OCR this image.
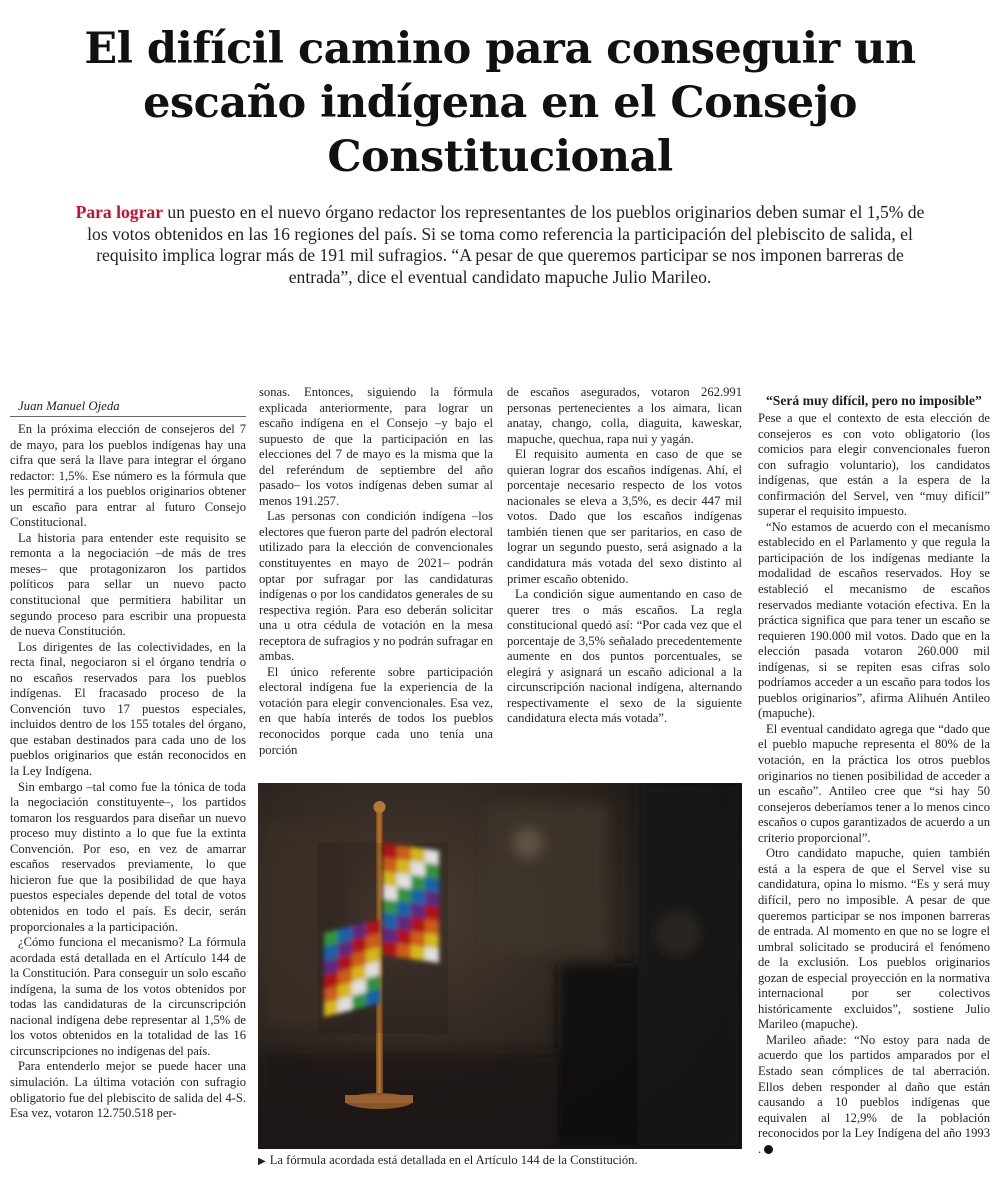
El difícil camino para conseguir un escaño indígena en el Consejo Constitucional

Para lograr un puesto en el nuevo órgano redactor los representantes de los pueblos originarios deben sumar el 1,5% de los votos obtenidos en las 16 regiones del país. Si se toma como referencia la participación del plebiscito de salida, el requisito implica lograr más de 191 mil sufragios. “A pesar de que queremos participar se nos imponen barreras de entrada”, dice el eventual candidato mapuche Julio Marileo.

Juan Manuel Ojeda

En la próxima elección de consejeros del 7 de mayo, para los pueblos indígenas hay una cifra que será la llave para integrar el órgano redactor: 1,5%. Ese número es la fórmula que les permitirá a los pueblos originarios obtener un escaño para entrar al futuro Consejo Constitucional.

La historia para entender este requisito se remonta a la negociación –de más de tres meses– que protagonizaron los partidos políticos para sellar un nuevo pacto constitucional que permitiera habilitar un segundo proceso para escribir una propuesta de nueva Constitución.

Los dirigentes de las colectividades, en la recta final, negociaron si el órgano tendría o no escaños reservados para los pueblos indígenas. El fracasado proceso de la Convención tuvo 17 puestos especiales, incluidos dentro de los 155 totales del órgano, que estaban destinados para cada uno de los pueblos originarios que están reconocidos en la Ley Indígena.

Sin embargo –tal como fue la tónica de toda la negociación constituyente–, los partidos tomaron los resguardos para diseñar un nuevo proceso muy distinto a lo que fue la extinta Convención. Por eso, en vez de amarrar escaños reservados previamente, lo que hicieron fue que la posibilidad de que haya puestos especiales depende del total de votos obtenidos en todo el país. Es decir, serán proporcionales a la participación.

¿Cómo funciona el mecanismo? La fórmula acordada está detallada en el Artículo 144 de la Constitución. Para conseguir un solo escaño indígena, la suma de los votos obtenidos por todas las candidaturas de la circunscripción nacional indígena debe representar al 1,5% de los votos obtenidos en la totalidad de las 16 circunscripciones no indígenas del país.

Para entenderlo mejor se puede hacer una simulación. La última votación con sufragio obligatorio fue del plebiscito de salida del 4-S. Esa vez, votaron 12.750.518 per-

sonas. Entonces, siguiendo la fórmula explicada anteriormente, para lograr un escaño indígena en el Consejo –y bajo el supuesto de que la participación en las elecciones del 7 de mayo es la misma que la del referéndum de septiembre del año pasado– los votos indígenas deben sumar al menos 191.257.

Las personas con condición indígena –los electores que fueron parte del padrón electoral utilizado para la elección de convencionales constituyentes en mayo de 2021– podrán optar por sufragar por las candidaturas indígenas o por los candidatos generales de su respectiva región. Para eso deberán solicitar una u otra cédula de votación en la mesa receptora de sufragios y no podrán sufragar en ambas.

El único referente sobre participación electoral indígena fue la experiencia de la votación para elegir convencionales. Esa vez, en que había interés de todos los pueblos reconocidos porque cada uno tenía una porción

de escaños asegurados, votaron 262.991 personas pertenecientes a los aimara, lican anatay, chango, colla, diaguita, kaweskar, mapuche, quechua, rapa nui y yagán.

El requisito aumenta en caso de que se quieran lograr dos escaños indígenas. Ahí, el porcentaje necesario respecto de los votos nacionales se eleva a 3,5%, es decir 447 mil votos. Dado que los escaños indígenas también tienen que ser paritarios, en caso de lograr un segundo puesto, será asignado a la candidatura más votada del sexo distinto al primer escaño obtenido.

La condición sigue aumentando en caso de querer tres o más escaños. La regla constitucional quedó así: “Por cada vez que el porcentaje de 3,5% señalado precedentemente aumente en dos puntos porcentuales, se elegirá y asignará un escaño adicional a la circunscripción nacional indígena, alternando respectivamente el sexo de la siguiente candidatura electa más votada”.

“Será muy difícil, pero no imposible”

Pese a que el contexto de esta elección de consejeros es con voto obligatorio (los comicios para elegir convencionales fueron con sufragio voluntario), los candidatos indígenas, que están a la espera de la confirmación del Servel, ven “muy difícil” superar el requisito impuesto.

“No estamos de acuerdo con el mecanismo establecido en el Parlamento y que regula la participación de los indígenas mediante la modalidad de escaños reservados. Hoy se estableció el mecanismo de escaños reservados mediante votación efectiva. En la práctica significa que para tener un escaño se requieren 190.000 mil votos. Dado que en la elección pasada votaron 260.000 mil indígenas, si se repiten esas cifras solo podríamos acceder a un escaño para todos los pueblos originarios”, afirma Alihuén Antileo (mapuche).

El eventual candidato agrega que “dado que el pueblo mapuche representa el 80% de la votación, en la práctica los otros pueblos originarios no tienen posibilidad de acceder a un escaño”. Antileo cree que “si hay 50 consejeros deberíamos tener a lo menos cinco escaños o cupos garantizados de acuerdo a un criterio proporcional”.

Otro candidato mapuche, quien también está a la espera de que el Servel vise su candidatura, opina lo mismo. “Es y será muy difícil, pero no imposible. A pesar de que queremos participar se nos imponen barreras de entrada. Al momento en que no se logre el umbral solicitado se producirá el fenómeno de la exclusión. Los pueblos originarios gozan de especial proyección en la normativa internacional por ser colectivos históricamente excluidos”, sostiene Julio Marileo (mapuche).

Marileo añade: “No estoy para nada de acuerdo que los partidos amparados por el Estado sean cómplices de tal aberración. Ellos deben responder al daño que están causando a 10 pueblos indígenas que equivalen al 12,9% de la población reconocidos por la Ley Indígena del año 1993 .

▶ La fórmula acordada está detallada en el Artículo 144 de la Constitución.
